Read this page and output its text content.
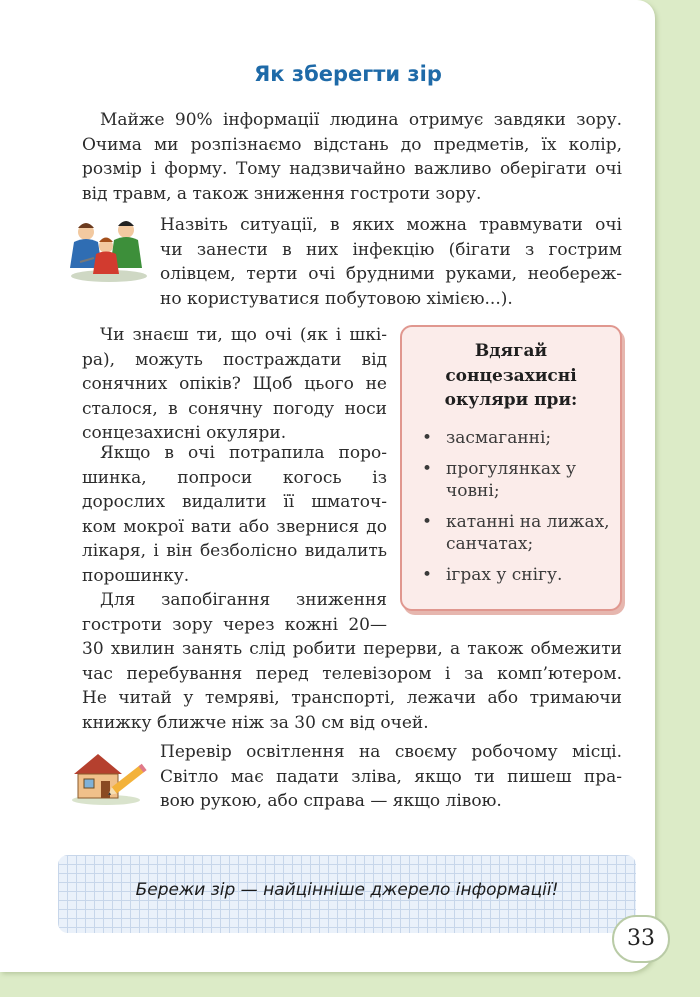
Як зберегти зір
Майже 90% інформації людина отримує завдяки зору.
Очима ми розпізнаємо відстань до предметів, їх колір,
розмір і форму. Тому надзвичайно важливо оберігати очі
від травм, а також зниження гостроти зору.
Назвіть ситуації, в яких можна травмувати очі
чи занести в них інфекцію (бігати з гострим
олівцем, терти очі брудними руками, необереж-
но користуватися побутовою хімією...).
Чи знаєш ти, що очі (як і шкі-
ра), можуть постраждати від
сонячних опіків? Щоб цього не
сталося, в сонячну погоду носи
сонцезахисні окуляри.
Якщо в очі потрапила поро-
шинка, попроси когось із
дорослих видалити її шматоч-
ком мокрої вати або звернися до
лікаря, і він безболісно видалить
порошинку.
Для запобігання зниження
гостроти зору через кожні 20—
30 хвилин занять слід робити перерви, а також обмежити
час перебування перед телевізором і за комп’ютером.
Не читай у темряві, транспорті, лежачи або тримаючи
книжку ближче ніж за 30 см від очей.
Вдягай
сонцезахисні
окуляри при:
• засмаганні;
• прогулянках у човні;
• катанні на лижах, санчатах;
• іграх у снігу.
Перевір освітлення на своєму робочому місці.
Світло має падати зліва, якщо ти пишеш пра-
вою рукою, або справа — якщо лівою.
Бережи зір — найцінніше джерело інформації!
33
